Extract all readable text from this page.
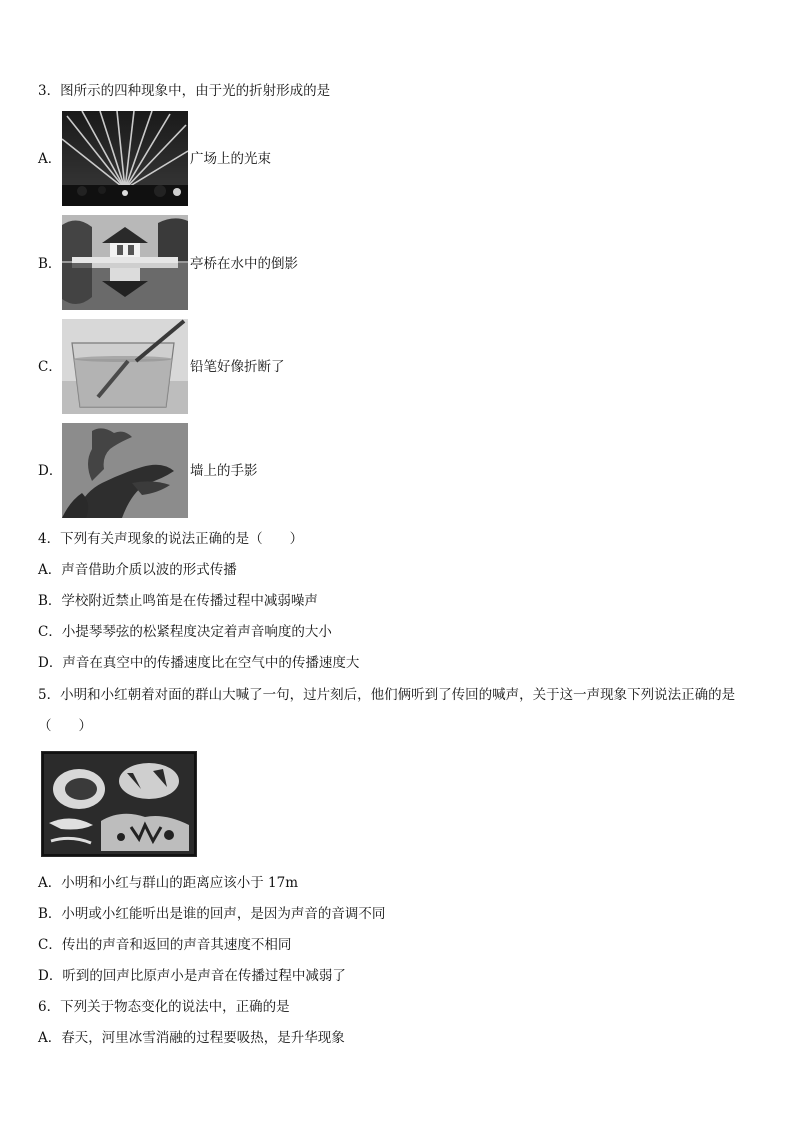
3．图所示的四种现象中，由于光的折射形成的是
A．	广场上的光束
B．	亭桥在水中的倒影
C．	铅笔好像折断了
D．	墙上的手影
4．下列有关声现象的说法正确的是（　　）
A．声音借助介质以波的形式传播
B．学校附近禁止鸣笛是在传播过程中减弱噪声
C．小提琴琴弦的松紧程度决定着声音响度的大小
D．声音在真空中的传播速度比在空气中的传播速度大
5．小明和小红朝着对面的群山大喊了一句，过片刻后，他们俩听到了传回的喊声，关于这一声现象下列说法正确的是
（　　）
A．小明和小红与群山的距离应该小于 17m
B．小明或小红能听出是谁的回声，是因为声音的音调不同
C．传出的声音和返回的声音其速度不相同
D．听到的回声比原声小是声音在传播过程中减弱了
6．下列关于物态变化的说法中，正确的是
A．春天，河里冰雪消融的过程要吸热，是升华现象
